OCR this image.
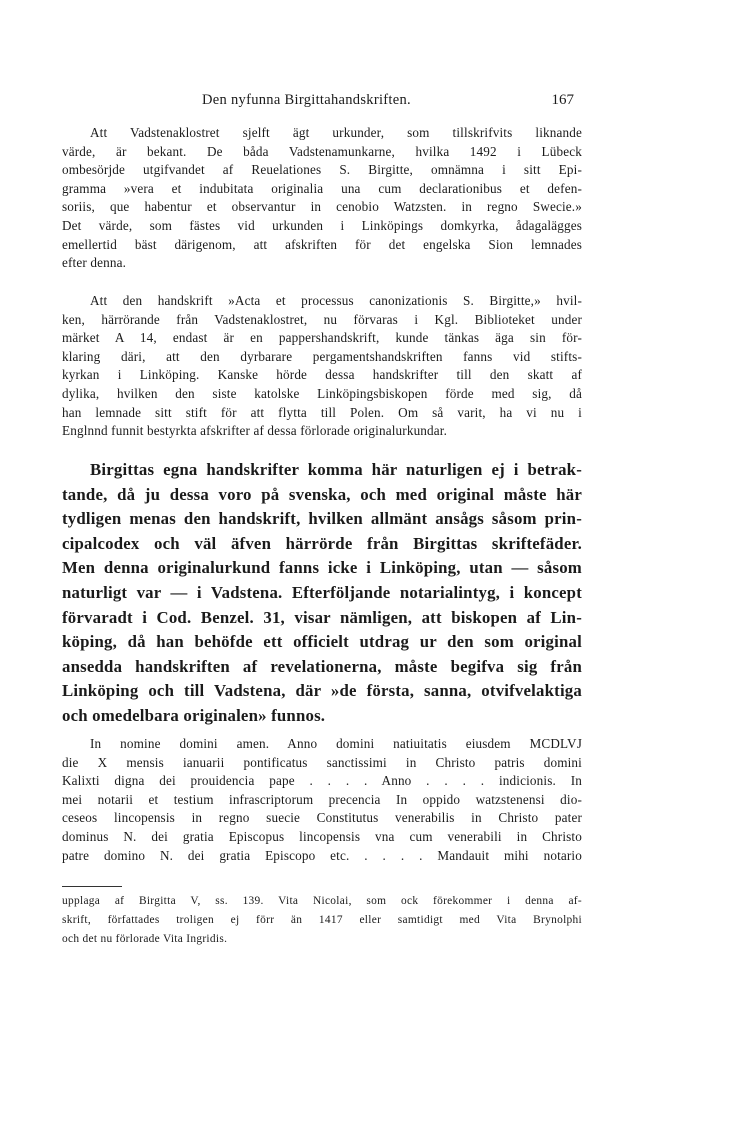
Den nyfunna Birgittahandskriften.	167
Att Vadstenaklostret sjelft ägt urkunder, som tillskrifvits liknande
värde, är bekant. De båda Vadstenamunkarne, hvilka 1492 i Lübeck
ombesörjde utgifvandet af Reuelationes S. Birgitte, omnämna i sitt Epi-
gramma »vera et indubitata originalia una cum declarationibus et defen-
soriis, que habentur et observantur in cenobio Watzsten. in regno Swecie.»
Det värde, som fästes vid urkunden i Linköpings domkyrka, ådagalägges
emellertid bäst därigenom, att afskriften för det engelska Sion lemnades
efter denna.
Att den handskrift »Acta et processus canonizationis S. Birgitte,» hvil-
ken, härrörande från Vadstenaklostret, nu förvaras i Kgl. Biblioteket under
märket A 14, endast är en pappershandskrift, kunde tänkas äga sin för-
klaring däri, att den dyrbarare pergamentshandskriften fanns vid stifts-
kyrkan i Linköping. Kanske hörde dessa handskrifter till den skatt af
dylika, hvilken den siste katolske Linköpingsbiskopen förde med sig, då
han lemnade sitt stift för att flytta till Polen. Om så varit, ha vi nu i
Englnnd funnit bestyrkta afskrifter af dessa förlorade originalurkundar.
Birgittas egna handskrifter komma här naturligen ej i betrak-
tande, då ju dessa voro på svenska, och med original måste här
tydligen menas den handskrift, hvilken allmänt ansågs såsom prin-
cipalcodex och väl äfven härrörde från Birgittas skriftefäder.
Men denna originalurkund fanns icke i Linköping, utan — såsom
naturligt var — i Vadstena. Efterföljande notarialintyg, i koncept
förvaradt i Cod. Benzel. 31, visar nämligen, att biskopen af Lin-
köping, då han behöfde ett officielt utdrag ur den som original
ansedda handskriften af revelationerna, måste begifva sig från
Linköping och till Vadstena, där »de första, sanna, otvifvelaktiga
och omedelbara originalen» funnos.
In nomine domini amen. Anno domini natiuitatis eiusdem MCDLVJ
die X mensis ianuarii pontificatus sanctissimi in Christo patris domini
Kalixti digna dei prouidencia pape . . . . Anno . . . . indicionis. In
mei notarii et testium infrascriptorum precencia In oppido watzstenensi dio-
ceseos lincopensis in regno suecie Constitutus venerabilis in Christo pater
dominus N. dei gratia Episcopus lincopensis vna cum venerabili in Christo
patre domino N. dei gratia Episcopo etc. . . . . Mandauit mihi notario
upplaga af Birgitta V, ss. 139. Vita Nicolai, som ock förekommer i denna af-
skrift, författades troligen ej förr än 1417 eller samtidigt med Vita Brynolphi
och det nu förlorade Vita Ingridis.
